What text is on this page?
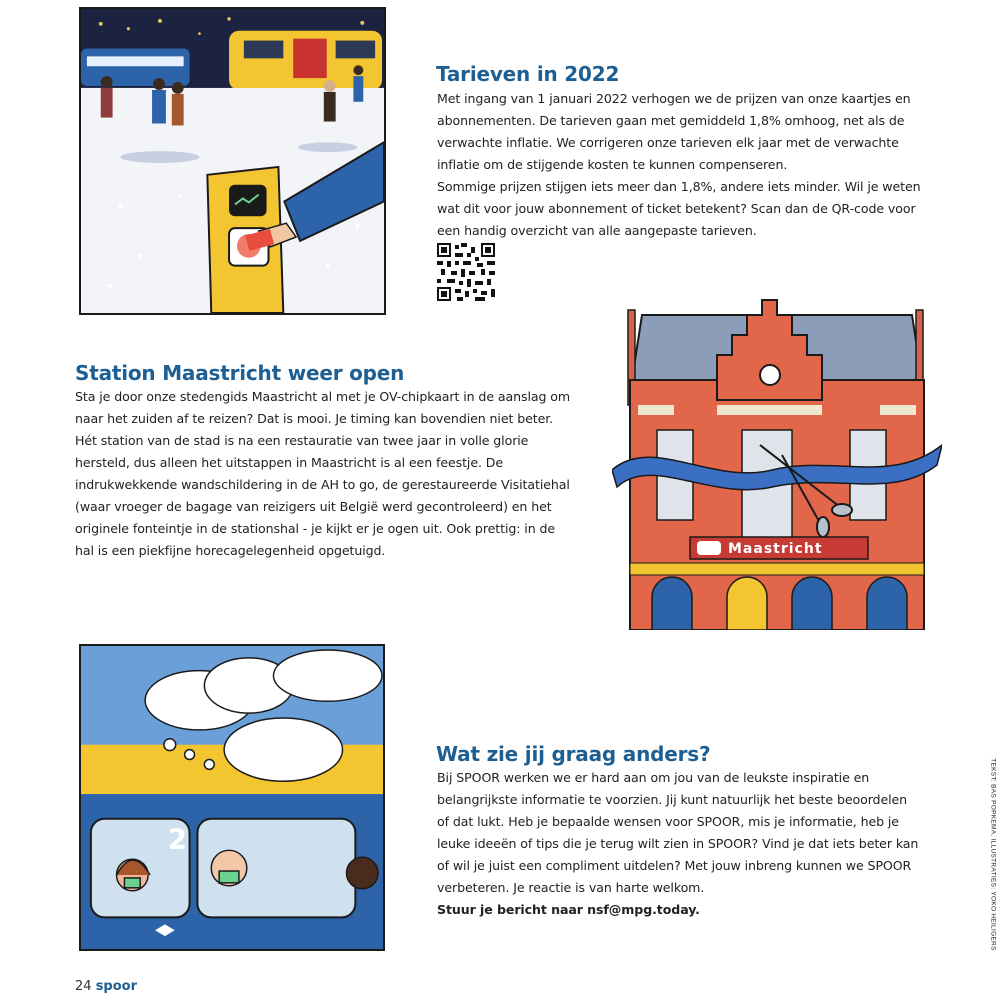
Tarieven in 2022

Met ingang van 1 januari 2022 verhogen we de prijzen van onze kaartjes en
abonnementen. De tarieven gaan met gemiddeld 1,8% omhoog, net als de
verwachte inflatie. We corrigeren onze tarieven elk jaar met de verwachte
inflatie om de stijgende kosten te kunnen compenseren.
Sommige prijzen stijgen iets meer dan 1,8%, andere iets minder. Wil je weten
wat dit voor jouw abonnement of ticket betekent? Scan dan de QR-code voor
een handig overzicht van alle aangepaste tarieven.

Station Maastricht weer open

Sta je door onze stedengids Maastricht al met je OV-chipkaart in de aanslag om
naar het zuiden af te reizen? Dat is mooi. Je timing kan bovendien niet beter.
Hét station van de stad is na een restauratie van twee jaar in volle glorie
hersteld, dus alleen het uitstappen in Maastricht is al een feestje. De
indrukwekkende wandschildering in de AH to go, de gerestaureerde Visitatiehal
(waar vroeger de bagage van reizigers uit België werd gecontroleerd) en het
originele fonteintje in de stationshal - je kijkt er je ogen uit. Ook prettig: in de
hal is een piekfijne horecagelegenheid opgetuigd.	Maastricht
2
Wat zie jij graag anders?

Bij SPOOR werken we er hard aan om jou van de leukste inspiratie en
belangrijkste informatie te voorzien. Jij kunt natuurlijk het beste beoordelen
of dat lukt. Heb je bepaalde wensen voor SPOOR, mis je informatie, heb je
leuke ideeën of tips die je terug wilt zien in SPOOR? Vind je dat iets beter kan
of wil je juist een compliment uitdelen? Met jouw inbreng kunnen we SPOOR
verbeteren. Je reactie is van harte welkom.
Stuur je bericht naar nsf@mpg.today.	TEKST: BAS POPKEMA, ILLUSTRATIES: YOKO HEILIGERS
24 spoor
